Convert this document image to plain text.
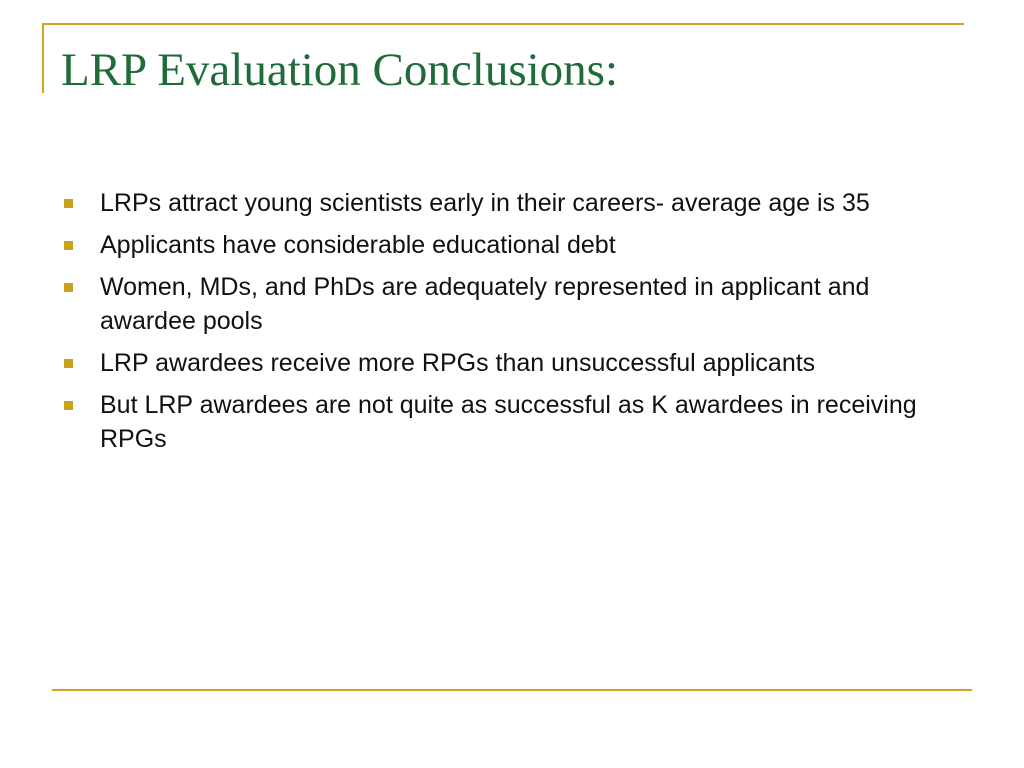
LRP Evaluation Conclusions:
LRPs attract young scientists early in their careers- average age is 35
Applicants have considerable educational debt
Women, MDs, and PhDs are adequately represented in applicant and awardee pools
LRP awardees receive more RPGs than unsuccessful applicants
But LRP awardees are not quite as successful as K awardees in receiving RPGs
